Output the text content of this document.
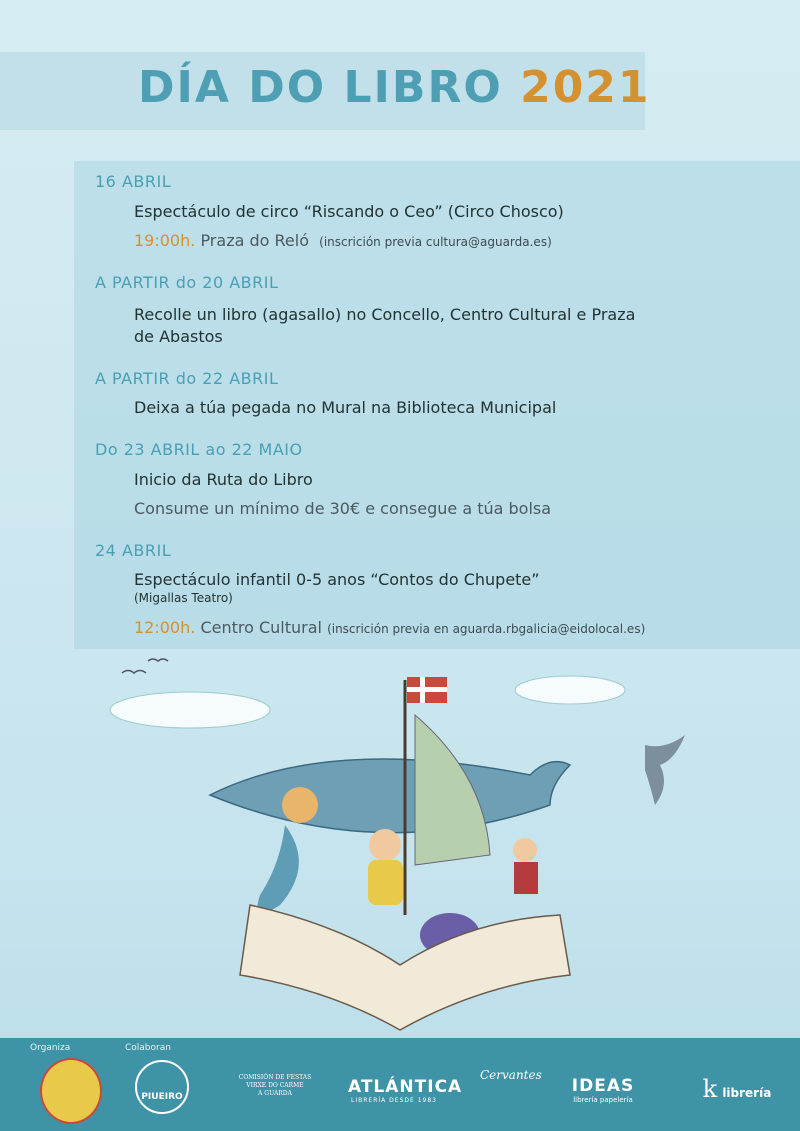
DÍA DO LIBRO 2021
16 ABRIL
Espectáculo de circo “Riscando o Ceo” (Circo Chosco)
19:00h. Praza do Reló (inscrición previa cultura@aguarda.es)
A PARTIR do 20 ABRIL
Recolle un libro (agasallo) no Concello, Centro Cultural e Praza
de Abastos
A PARTIR do 22 ABRIL
Deixa a túa pegada no Mural na Biblioteca Municipal
Do 23 ABRIL ao 22 MAIO
Inicio da Ruta do Libro
Consume un mínimo de 30€ e consegue a túa bolsa
24 ABRIL
Espectáculo infantil 0-5 anos “Contos do Chupete”
(Migallas Teatro)
12:00h. Centro Cultural (inscrición previa en aguarda.rbgalicia@eidolocal.es)
Organiza	Colaboran
PIUEIRO
COMISIÓN DE FESTAS
VIRXE DO CARME
A GUARDA	ATLÁNTICA
LIBRERÍA DESDE 1983
Cervantes
IDEAS
librería papelería	k librería
